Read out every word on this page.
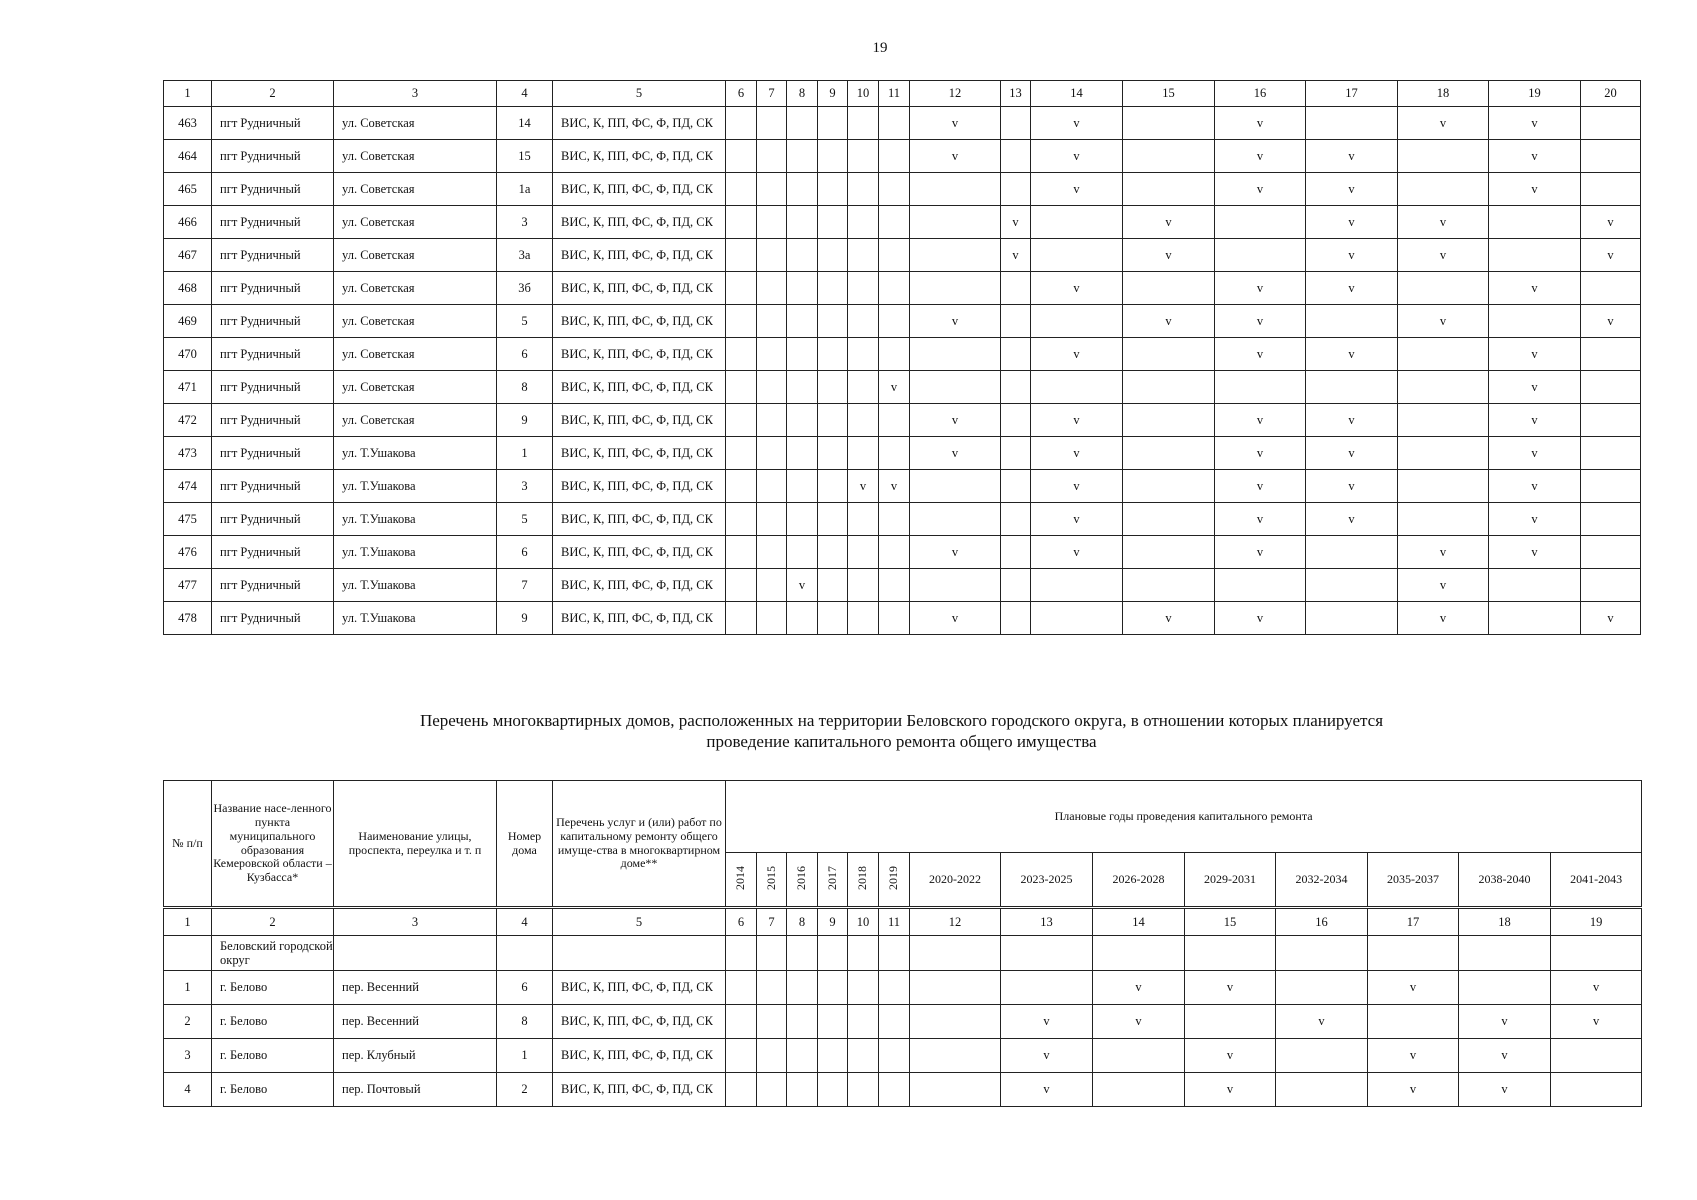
19
1	2	3	4	5	6	7	8	9	10	11	12	13	14	15	16	17	18	19	20
463	пгт Рудничный	ул. Советская	14	ВИС, К, ПП, ФС, Ф, ПД, СК							v		v		v		v	v	
464	пгт Рудничный	ул. Советская	15	ВИС, К, ПП, ФС, Ф, ПД, СК							v		v		v	v		v	
465	пгт Рудничный	ул. Советская	1а	ВИС, К, ПП, ФС, Ф, ПД, СК									v		v	v		v	
466	пгт Рудничный	ул. Советская	3	ВИС, К, ПП, ФС, Ф, ПД, СК								v		v		v	v		v
467	пгт Рудничный	ул. Советская	3а	ВИС, К, ПП, ФС, Ф, ПД, СК								v		v		v	v		v
468	пгт Рудничный	ул. Советская	3б	ВИС, К, ПП, ФС, Ф, ПД, СК									v		v	v		v	
469	пгт Рудничный	ул. Советская	5	ВИС, К, ПП, ФС, Ф, ПД, СК							v			v	v		v		v
470	пгт Рудничный	ул. Советская	6	ВИС, К, ПП, ФС, Ф, ПД, СК									v		v	v		v	
471	пгт Рудничный	ул. Советская	8	ВИС, К, ПП, ФС, Ф, ПД, СК						v								v	
472	пгт Рудничный	ул. Советская	9	ВИС, К, ПП, ФС, Ф, ПД, СК							v		v		v	v		v	
473	пгт Рудничный	ул. Т.Ушакова	1	ВИС, К, ПП, ФС, Ф, ПД, СК							v		v		v	v		v	
474	пгт Рудничный	ул. Т.Ушакова	3	ВИС, К, ПП, ФС, Ф, ПД, СК					v	v			v		v	v		v	
475	пгт Рудничный	ул. Т.Ушакова	5	ВИС, К, ПП, ФС, Ф, ПД, СК									v		v	v		v	
476	пгт Рудничный	ул. Т.Ушакова	6	ВИС, К, ПП, ФС, Ф, ПД, СК							v		v		v		v	v	
477	пгт Рудничный	ул. Т.Ушакова	7	ВИС, К, ПП, ФС, Ф, ПД, СК			v										v		
478	пгт Рудничный	ул. Т.Ушакова	9	ВИС, К, ПП, ФС, Ф, ПД, СК							v			v	v		v		v
Перечень многоквартирных домов, расположенных на территории Беловского городского округа, в отношении которых планируется
проведение капитального ремонта общего имущества
№ п/п	Название насе-ленного пункта муниципального образования Кемеровской области – Кузбасса*	Наименование улицы, проспекта, переулка и т. п	Номер дома	Перечень услуг и (или) работ по капитальному ремонту общего имуще-ства в многоквартирном доме**	Плановые годы проведения капитального ремонта													
					2014	2015	2016	2017	2018	2019	2020-2022	2023-2025	2026-2028	2029-2031	2032-2034	2035-2037	2038-2040	2041-2043
1	2	3	4	5	6	7	8	9	10	11	12	13	14	15	16	17	18	19
	Беловский городской округ																	
1	г. Белово	пер. Весенний	6	ВИС, К, ПП, ФС, Ф, ПД, СК									v	v		v		v
2	г. Белово	пер. Весенний	8	ВИС, К, ПП, ФС, Ф, ПД, СК								v	v		v		v	v
3	г. Белово	пер. Клубный	1	ВИС, К, ПП, ФС, Ф, ПД, СК								v		v		v	v	
4	г. Белово	пер. Почтовый	2	ВИС, К, ПП, ФС, Ф, ПД, СК								v		v		v	v	
